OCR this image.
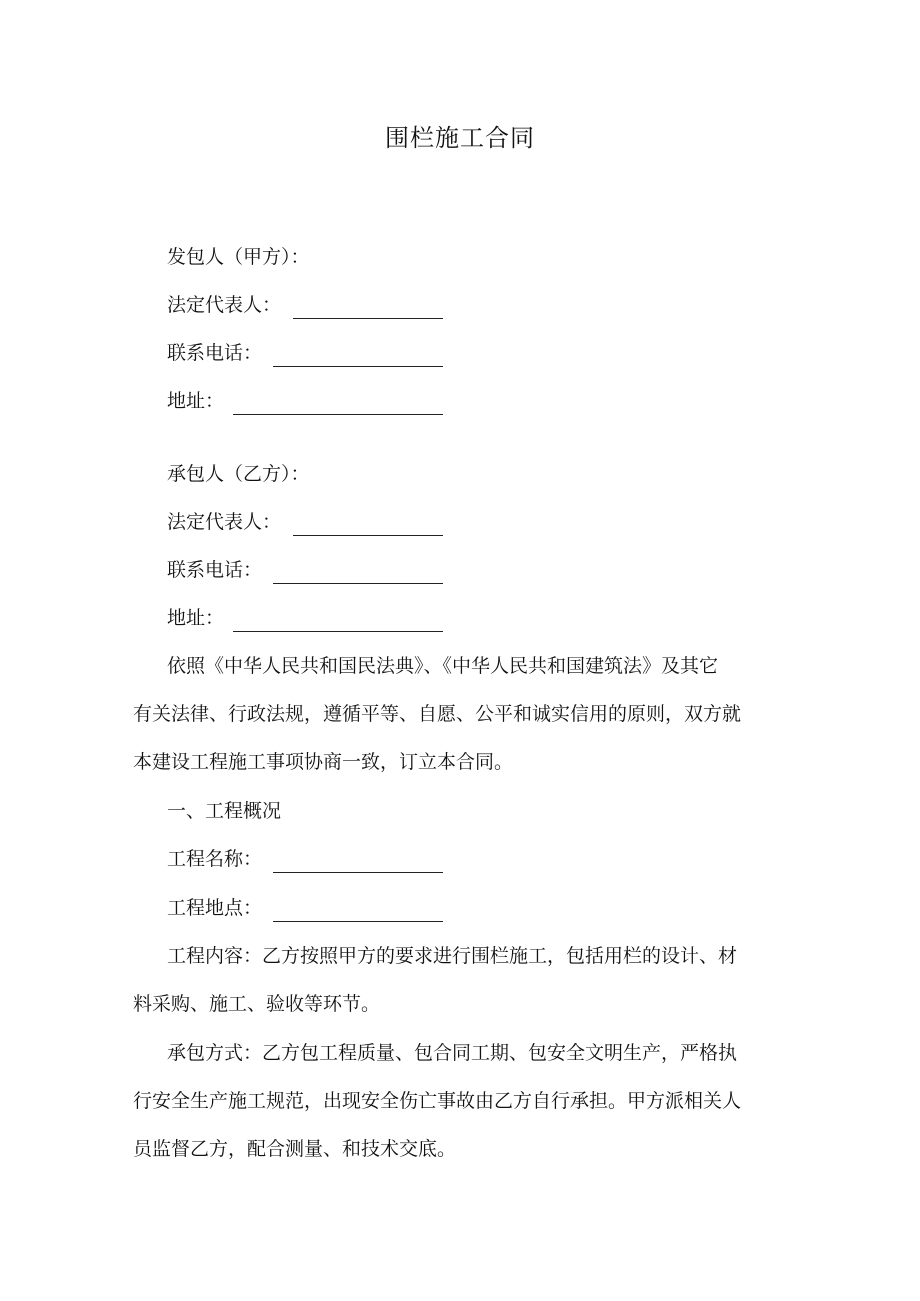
围栏施工合同
发包人（甲方）：
法定代表人：
联系电话：
地址：
承包人（乙方）：
法定代表人：
联系电话：
地址：
依照《中华人民共和国民法典》、《中华人民共和国建筑法》及其它
有关法律、行政法规，遵循平等、自愿、公平和诚实信用的原则，双方就
本建设工程施工事项协商一致，订立本合同。
一、工程概况
工程名称：
工程地点：
工程内容：乙方按照甲方的要求进行围栏施工，包括用栏的设计、材
料采购、施工、验收等环节。
承包方式：乙方包工程质量、包合同工期、包安全文明生产，严格执
行安全生产施工规范，出现安全伤亡事故由乙方自行承担。甲方派相关人
员监督乙方，配合测量、和技术交底。
